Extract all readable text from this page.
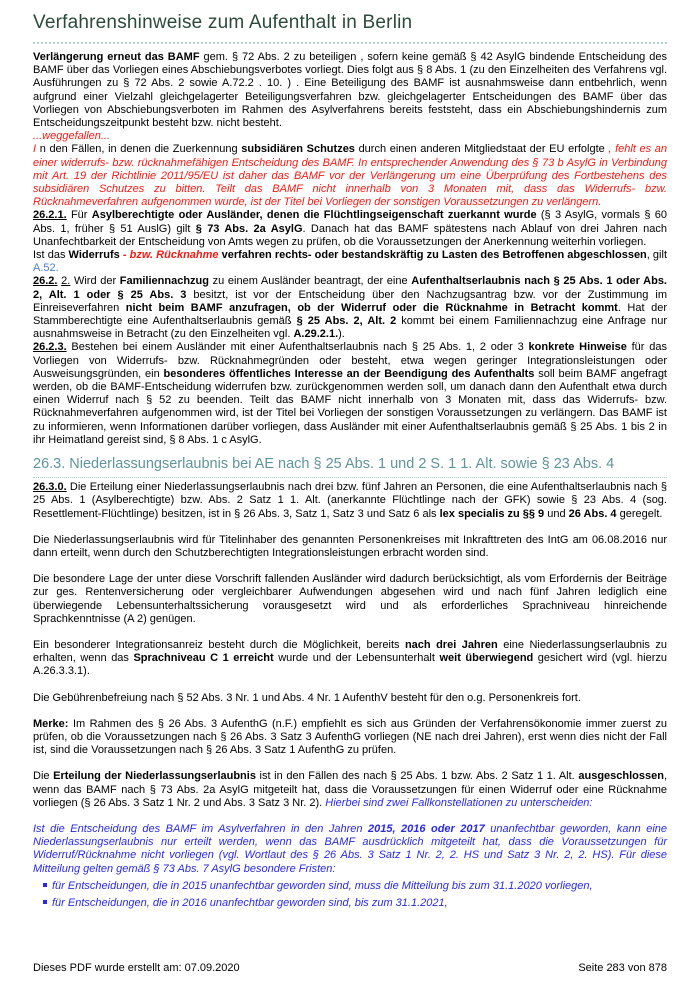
Verfahrenshinweise zum Aufenthalt in Berlin

Verlängerung erneut das BAMF gem. § 72 Abs. 2 zu beteiligen , sofern keine gemäß § 42 AsylG bindende Entscheidung des BAMF über das Vorliegen eines Abschiebungsverbotes vorliegt. Dies folgt aus § 8 Abs. 1 (zu den Einzelheiten des Verfahrens vgl. Ausführungen zu § 72 Abs. 2 sowie A.72.2 . 10. ) . Eine Beteiligung des BAMF ist ausnahmsweise dann entbehrlich, wenn aufgrund einer Vielzahl gleichgelagerter Beteiligungsverfahren bzw. gleichgelagerter Entscheidungen des BAMF über das Vorliegen von Abschiebungsverboten im Rahmen des Asylverfahrens bereits feststeht, dass ein Abschiebungshindernis zum Entscheidungszeitpunkt besteht bzw. nicht besteht.

...weggefallen...

I n den Fällen, in denen die Zuerkennung subsidiären Schutzes durch einen anderen Mitgliedstaat der EU erfolgte , fehlt es an einer widerrufs- bzw. rücknahmefähigen Entscheidung des BAMF. In entsprechender Anwendung des § 73 b AsylG in Verbindung mit Art. 19 der Richtlinie 2011/95/EU ist daher das BAMF vor der Verlängerung um eine Überprüfung des Fortbestehens des subsidiären Schutzes zu bitten. Teilt das BAMF nicht innerhalb von 3 Monaten mit, dass das Widerrufs- bzw. Rücknahmeverfahren aufgenommen wurde, ist der Titel bei Vorliegen der sonstigen Voraussetzungen zu verlängern.

26.2.1. Für Asylberechtigte oder Ausländer, denen die Flüchtlingseigenschaft zuerkannt wurde (§ 3 AsylG, vormals § 60 Abs. 1, früher § 51 AuslG) gilt § 73 Abs. 2a AsylG. Danach hat das BAMF spätestens nach Ablauf von drei Jahren nach Unanfechtbarkeit der Entscheidung von Amts wegen zu prüfen, ob die Voraussetzungen der Anerkennung weiterhin vorliegen.

Ist das Widerrufs - bzw. Rücknahme verfahren rechts- oder bestandskräftig zu Lasten des Betroffenen abgeschlossen, gilt A.52.

26.2. 2. Wird der Familiennachzug zu einem Ausländer beantragt, der eine Aufenthaltserlaubnis nach § 25 Abs. 1 oder Abs. 2, Alt. 1 oder § 25 Abs. 3 besitzt, ist vor der Entscheidung über den Nachzugsantrag bzw. vor der Zustimmung im Einreiseverfahren nicht beim BAMF anzufragen, ob der Widerruf oder die Rücknahme in Betracht kommt. Hat der Stammberechtigte eine Aufenthaltserlaubnis gemäß § 25 Abs. 2, Alt. 2 kommt bei einem Familiennachzug eine Anfrage nur ausnahmsweise in Betracht (zu den Einzelheiten vgl. A.29.2.1.).

26.2.3. Bestehen bei einem Ausländer mit einer Aufenthaltserlaubnis nach § 25 Abs. 1, 2 oder 3 konkrete Hinweise für das Vorliegen von Widerrufs- bzw. Rücknahmegründen oder besteht, etwa wegen geringer Integrationsleistungen oder Ausweisungsgründen, ein besonderes öffentliches Interesse an der Beendigung des Aufenthalts soll beim BAMF angefragt werden, ob die BAMF-Entscheidung widerrufen bzw. zurückgenommen werden soll, um danach dann den Aufenthalt etwa durch einen Widerruf nach § 52 zu beenden. Teilt das BAMF nicht innerhalb von 3 Monaten mit, dass das Widerrufs- bzw. Rücknahmeverfahren aufgenommen wird, ist der Titel bei Vorliegen der sonstigen Voraussetzungen zu verlängern. Das BAMF ist zu informieren, wenn Informationen darüber vorliegen, dass Ausländer mit einer Aufenthaltserlaubnis gemäß § 25 Abs. 1 bis 2 in ihr Heimatland gereist sind, § 8 Abs. 1 c AsylG.

26.3. Niederlassungserlaubnis bei AE nach § 25 Abs. 1 und 2 S. 1 1. Alt. sowie § 23 Abs. 4

26.3.0. Die Erteilung einer Niederlassungserlaubnis nach drei bzw. fünf Jahren an Personen, die eine Aufenthaltserlaubnis nach § 25 Abs. 1 (Asylberechtigte) bzw. Abs. 2 Satz 1 1. Alt. (anerkannte Flüchtlinge nach der GFK) sowie § 23 Abs. 4 (sog. Resettlement-Flüchtlinge) besitzen, ist in § 26 Abs. 3, Satz 1, Satz 3 und Satz 6 als lex specialis zu §§ 9 und 26 Abs. 4 geregelt.

Die Niederlassungserlaubnis wird für Titelinhaber des genannten Personenkreises mit Inkrafttreten des IntG am 06.08.2016 nur dann erteilt, wenn durch den Schutzberechtigten Integrationsleistungen erbracht worden sind.

Die besondere Lage der unter diese Vorschrift fallenden Ausländer wird dadurch berücksichtigt, als vom Erfordernis der Beiträge zur ges. Rentenversicherung oder vergleichbarer Aufwendungen abgesehen wird und nach fünf Jahren lediglich eine überwiegende Lebensunterhaltssicherung vorausgesetzt wird und als erforderliches Sprachniveau hinreichende Sprachkenntnisse (A 2) genügen.

Ein besonderer Integrationsanreiz besteht durch die Möglichkeit, bereits nach drei Jahren eine Niederlassungserlaubnis zu erhalten, wenn das Sprachniveau C 1 erreicht wurde und der Lebensunterhalt weit überwiegend gesichert wird (vgl. hierzu A.26.3.3.1).

Die Gebührenbefreiung nach § 52 Abs. 3 Nr. 1 und Abs. 4 Nr. 1 AufenthV besteht für den o.g. Personenkreis fort.

Merke: Im Rahmen des § 26 Abs. 3 AufenthG (n.F.) empfiehlt es sich aus Gründen der Verfahrensökonomie immer zuerst zu prüfen, ob die Voraussetzungen nach § 26 Abs. 3 Satz 3 AufenthG vorliegen (NE nach drei Jahren), erst wenn dies nicht der Fall ist, sind die Voraussetzungen nach § 26 Abs. 3 Satz 1 AufenthG zu prüfen.

Die Erteilung der Niederlassungserlaubnis ist in den Fällen des nach § 25 Abs. 1 bzw. Abs. 2 Satz 1 1. Alt. ausgeschlossen, wenn das BAMF nach § 73 Abs. 2a AsylG mitgeteilt hat, dass die Voraussetzungen für einen Widerruf oder eine Rücknahme vorliegen (§ 26 Abs. 3 Satz 1 Nr. 2 und Abs. 3 Satz 3 Nr. 2). Hierbei sind zwei Fallkonstellationen zu unterscheiden:

Ist die Entscheidung des BAMF im Asylverfahren in den Jahren 2015, 2016 oder 2017 unanfechtbar geworden, kann eine Niederlassungserlaubnis nur erteilt werden, wenn das BAMF ausdrücklich mitgeteilt hat, dass die Voraussetzungen für Widerruf/Rücknahme nicht vorliegen (vgl. Wortlaut des § 26 Abs. 3 Satz 1 Nr. 2, 2. HS und Satz 3 Nr. 2, 2. HS). Für diese Mitteilung gelten gemäß § 73 Abs. 7 AsylG besondere Fristen:

für Entscheidungen, die in 2015 unanfechtbar geworden sind, muss die Mitteilung bis zum 31.1.2020 vorliegen,
für Entscheidungen, die in 2016 unanfechtbar geworden sind, bis zum 31.1.2021,
Dieses PDF wurde erstellt am: 07.09.2020	Seite 283 von 878
